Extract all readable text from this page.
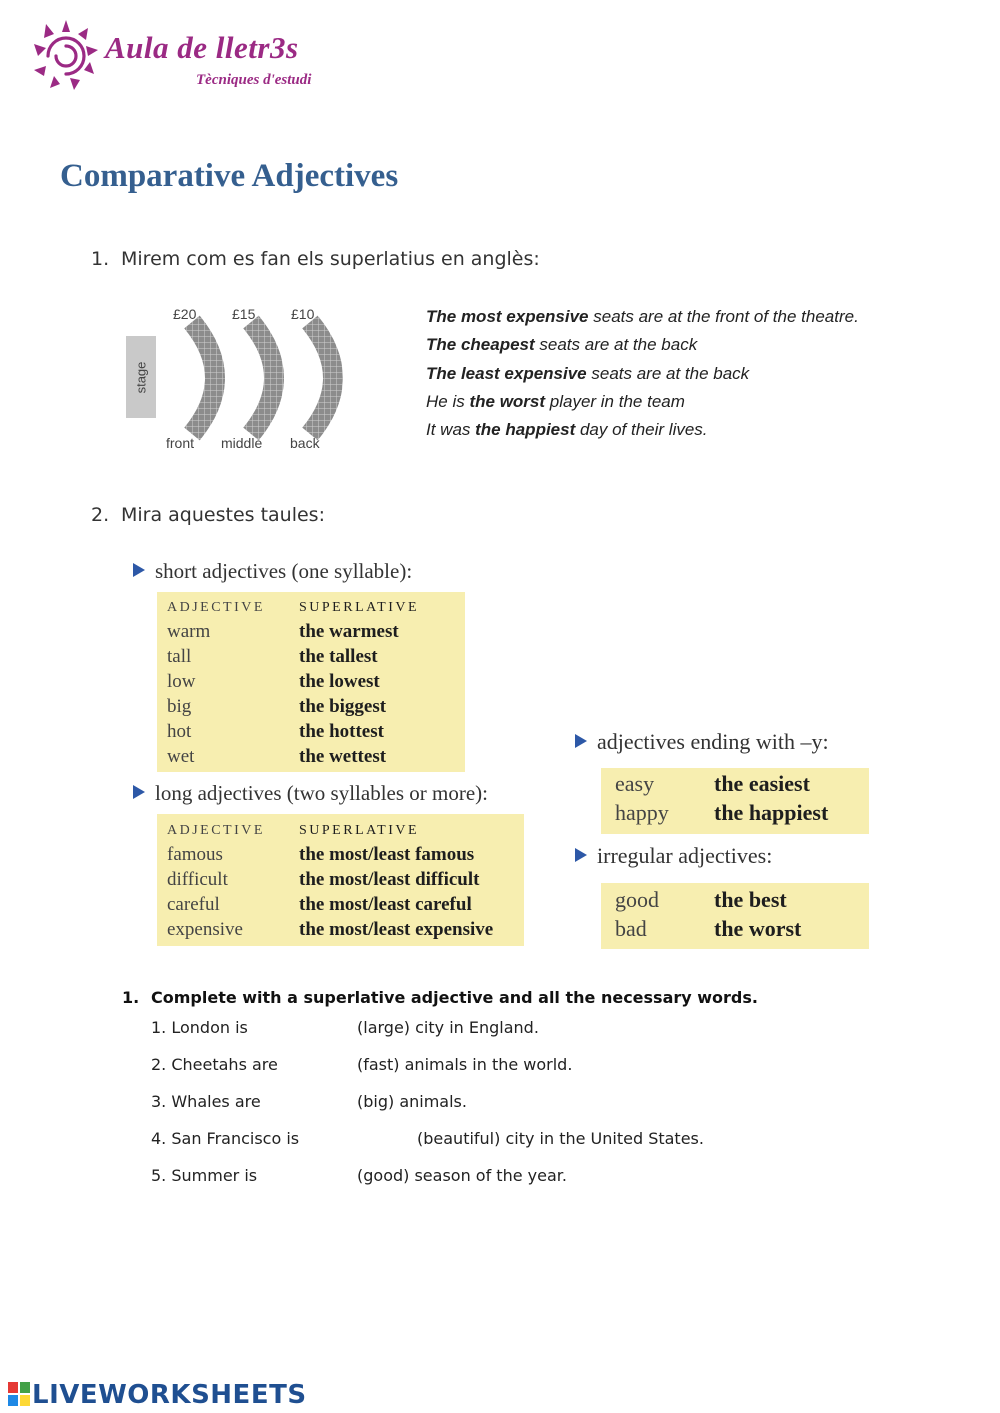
Aula de lletr3s
Tècniques d'estudi
Comparative Adjectives
1. Mirem com es fan els superlatius en anglès:
£20	£15	£10
stage
front middle back
The most expensive seats are at the front of the theatre.
The cheapest seats are at the back
The least expensive seats are at the back
He is the worst player in the team
It was the happiest day of their lives.
2. Mira aquestes taules:
short adjectives (one syllable):
ADJECTIVE SUPERLATIVE
warm	the warmest
tall	the tallest
low	the lowest
big	the biggest
hot	the hottest
wet	the wettest
long adjectives (two syllables or more):
ADJECTIVE SUPERLATIVE
famous	the most/least famous
difficult	the most/least difficult
careful	the most/least careful
expensive	the most/least expensive
adjectives ending with –y:
easy	the easiest
happy the happiest
irregular adjectives:
good	the best
bad	the worst
1. Complete with a superlative adjective and all the necessary words.
1. London is	(large) city in England.
2. Cheetahs are	(fast) animals in the world.
3. Whales are	(big) animals.
4. San Francisco is	(beautiful) city in the United States.
5. Summer is	(good) season of the year.
LIVEWORKSHEETS
